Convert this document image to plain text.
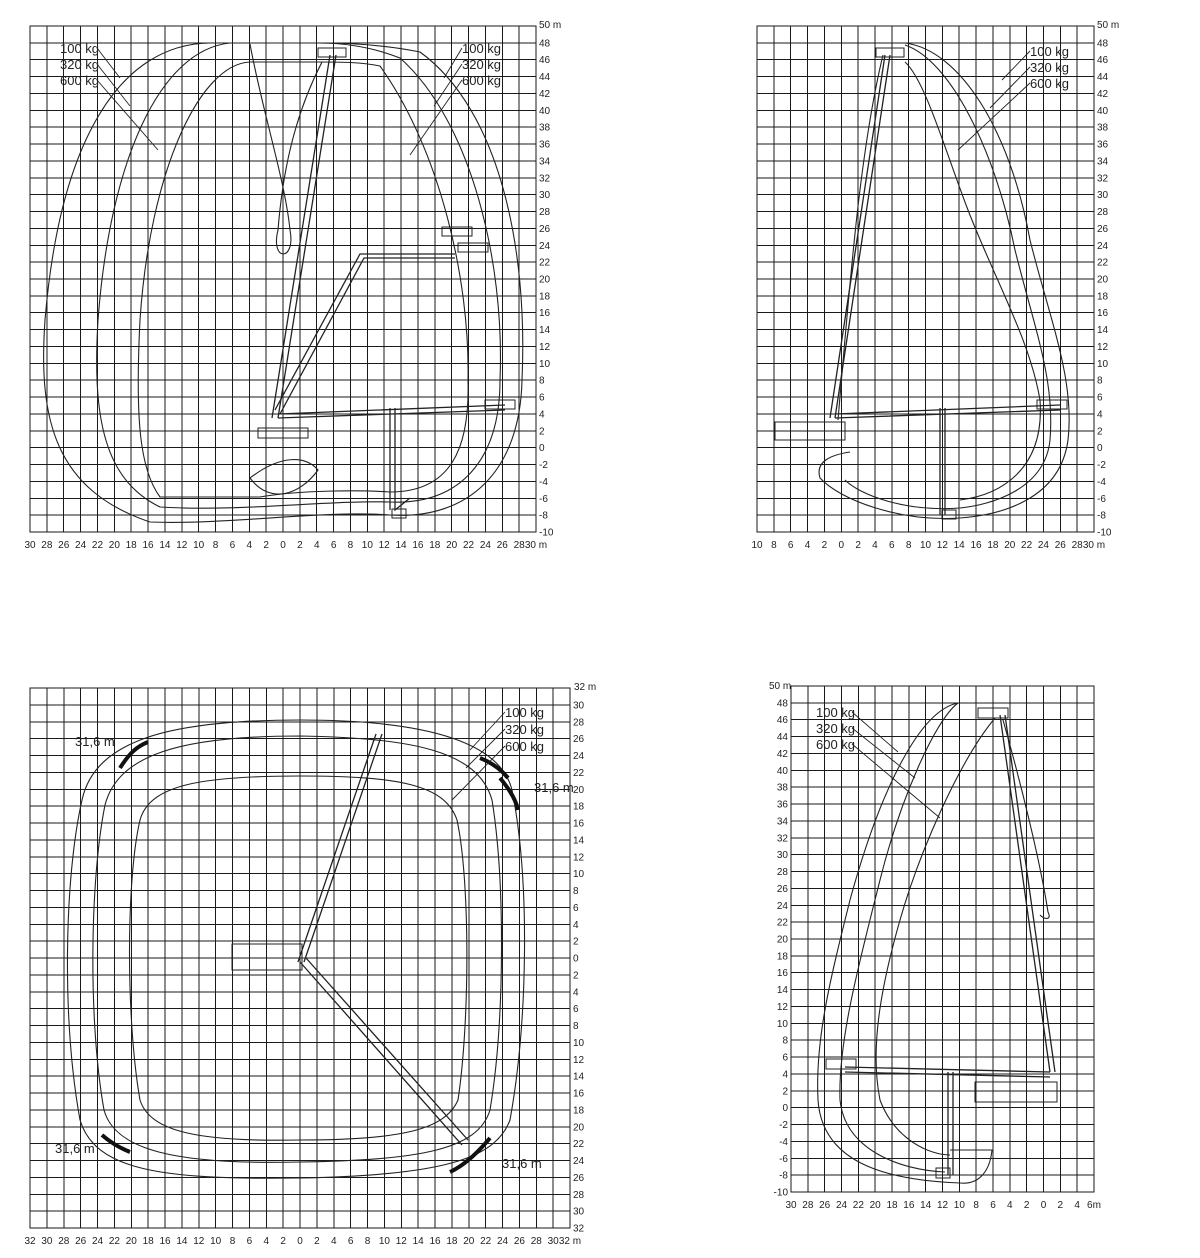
50 m
48
46
44
42
40
38
36
34
32
30
28
26
24
22
20
18
16
14
12
10
8
6
4
2
0
-2
-4
-6
-8
-10
30 28 26 24 22 20 18 16 14 12 10 8 6 4 2 0 2 4 6 8 10 12 14 16 18 20 22 24 26 28 30 m
100 kg
320 kg
600 kg
100 kg
320 kg
600 kg
50 m
48
46
44
42
40
38
36
34
32
30
28
26
24
22
20
18
16
14
12
10
8
6
4
2
0
-2
-4
-6
-8
-10
10 8 6 4 2 0 2 4 6 8 10 12 14 16 18 20 22 24 26 28 30 m
100 kg
320 kg
600 kg
32 m
30
28
26
24
22
20
18
16
14
12
10
8
6
4
2
0
2
4
6
8
10
12
14
16
18
20
22
24
26
28
30
32
32 30 28 26 24 22 20 18 16 14 12 10 8 6 4 2 0 2 4 6 8 10 12 14 16 18 20 22 24 26 28 30 32 m
31,6 m
31,6 m
31,6 m
31,6 m
100 kg
320 kg
600 kg
50 m
48
46
44
42
40
38
36
34
32
30
28
26
24
22
20
18
16
14
12
10
8
6
4
2
0
-2
-4
-6
-8
-10
30 28 26 24 22 20 18 16 14 12 10 8 6 4 2 0 2 4 6m
100 kg
320 kg
600 kg
